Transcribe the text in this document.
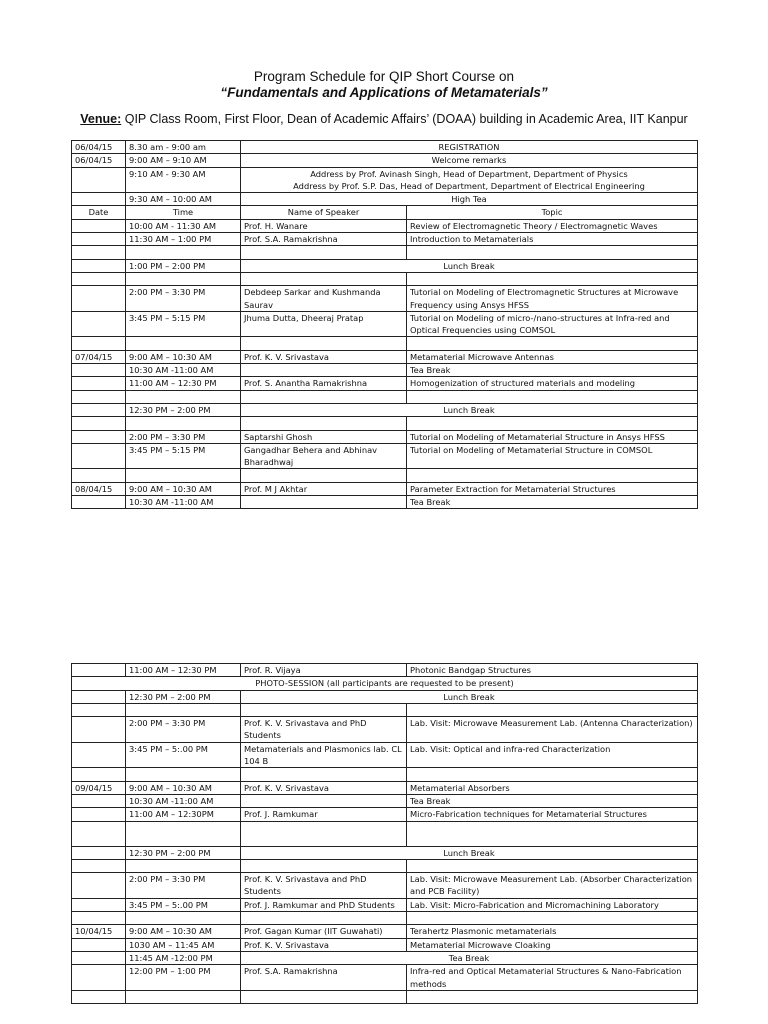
Program Schedule for QIP Short Course on
“Fundamentals and Applications of Metamaterials”
Venue: QIP Class Room, First Floor, Dean of Academic Affairs’ (DOAA) building in Academic Area, IIT Kanpur
06/04/15	8.30 am - 9:00 am	REGISTRATION	
06/04/15	9:00 AM – 9:10 AM	Welcome remarks	
	9:10 AM - 9:30 AM	Address by Prof. Avinash Singh, Head of Department, Department of Physics
Address by Prof. S.P. Das, Head of Department, Department of Electrical Engineering	
	9:30 AM – 10:00 AM	High Tea	
Date	Time	Name of Speaker	Topic
	10:00 AM - 11:30 AM	Prof. H. Wanare	Review of Electromagnetic Theory / Electromagnetic Waves
	11:30 AM – 1:00 PM	Prof. S.A. Ramakrishna	Introduction to Metamaterials

	1:00 PM – 2:00 PM	Lunch Break	

	2:00 PM – 3:30 PM	Debdeep Sarkar and Kushmanda Saurav	Tutorial on Modeling of Electromagnetic Structures at Microwave Frequency using Ansys HFSS
	3:45 PM – 5:15 PM	Jhuma Dutta, Dheeraj Pratap	Tutorial on Modeling of micro-/nano-structures at Infra-red and Optical Frequencies using COMSOL

07/04/15	9:00 AM – 10:30 AM	Prof. K. V. Srivastava	Metamaterial Microwave Antennas
	10:30 AM -11:00 AM		Tea Break
	11:00 AM – 12:30 PM	Prof. S. Anantha Ramakrishna	Homogenization of structured materials and modeling

	12:30 PM – 2:00 PM	Lunch Break	

	2:00 PM – 3:30 PM	Saptarshi Ghosh	Tutorial on Modeling of Metamaterial Structure in Ansys HFSS
	3:45 PM – 5:15 PM	Gangadhar Behera and Abhinav Bharadhwaj	Tutorial on Modeling of Metamaterial Structure in COMSOL

08/04/15	9:00 AM – 10:30 AM	Prof. M J Akhtar	Parameter Extraction for Metamaterial Structures
	10:30 AM -11:00 AM		Tea Break
	11:00 AM – 12:30 PM	Prof. R. Vijaya	Photonic Bandgap Structures
PHOTO-SESSION (all participants are requested to be present)			
	12:30 PM – 2:00 PM	Lunch Break	

	2:00 PM – 3:30 PM	Prof. K. V. Srivastava and PhD Students	Lab. Visit: Microwave Measurement Lab. (Antenna Characterization)
	3:45 PM – 5:.00 PM	Metamaterials and Plasmonics lab. CL 104 B	Lab. Visit: Optical and infra-red Characterization

09/04/15	9:00 AM – 10:30 AM	Prof. K. V. Srivastava	Metamaterial Absorbers
	10:30 AM -11:00 AM		Tea Break
	11:00 AM – 12:30PM	Prof. J. Ramkumar	Micro-Fabrication techniques for Metamaterial Structures

	12:30 PM – 2:00 PM	Lunch Break	

	2:00 PM – 3:30 PM	Prof. K. V. Srivastava and PhD Students	Lab. Visit: Microwave Measurement Lab. (Absorber Characterization and PCB Facility)
	3:45 PM – 5:.00 PM	Prof. J. Ramkumar and PhD Students	Lab. Visit: Micro-Fabrication and Micromachining Laboratory

10/04/15	9:00 AM – 10:30 AM	Prof. Gagan Kumar (IIT Guwahati)	Terahertz Plasmonic metamaterials
	1030 AM – 11:45 AM	Prof. K. V. Srivastava	Metamaterial Microwave Cloaking
	11:45 AM -12:00 PM	Tea Break	
	12:00 PM – 1:00 PM	Prof. S.A. Ramakrishna	Infra-red and Optical Metamaterial Structures & Nano-Fabrication methods
